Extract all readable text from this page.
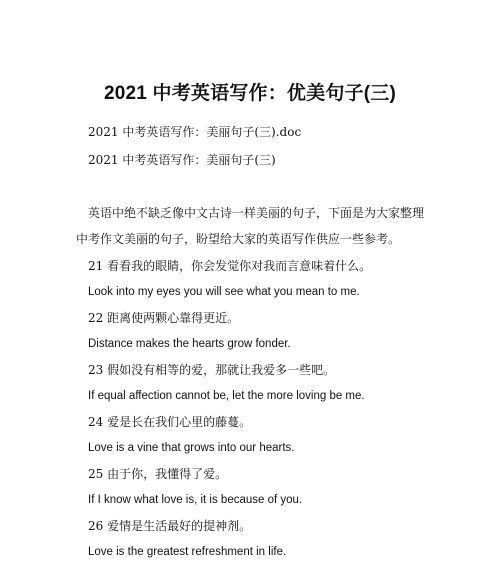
2021 中考英语写作：优美句子(三)
2021 中考英语写作：美丽句子(三).doc
2021 中考英语写作：美丽句子(三)
英语中绝不缺乏像中文古诗一样美丽的句子，下面是为大家整理
中考作文美丽的句子，盼望给大家的英语写作供应一些参考。
21 看看我的眼睛，你会发觉你对我而言意味着什么。
Look into my eyes you will see what you mean to me.
22 距离使两颗心靠得更近。
Distance makes the hearts grow fonder.
23 假如没有相等的爱，那就让我爱多一些吧。
If equal affection cannot be, let the more loving be me.
24 爱是长在我们心里的藤蔓。
Love is a vine that grows into our hearts.
25 由于你，我懂得了爱。
If I know what love is, it is because of you.
26 爱情是生活最好的提神剂。
Love is the greatest refreshment in life.
